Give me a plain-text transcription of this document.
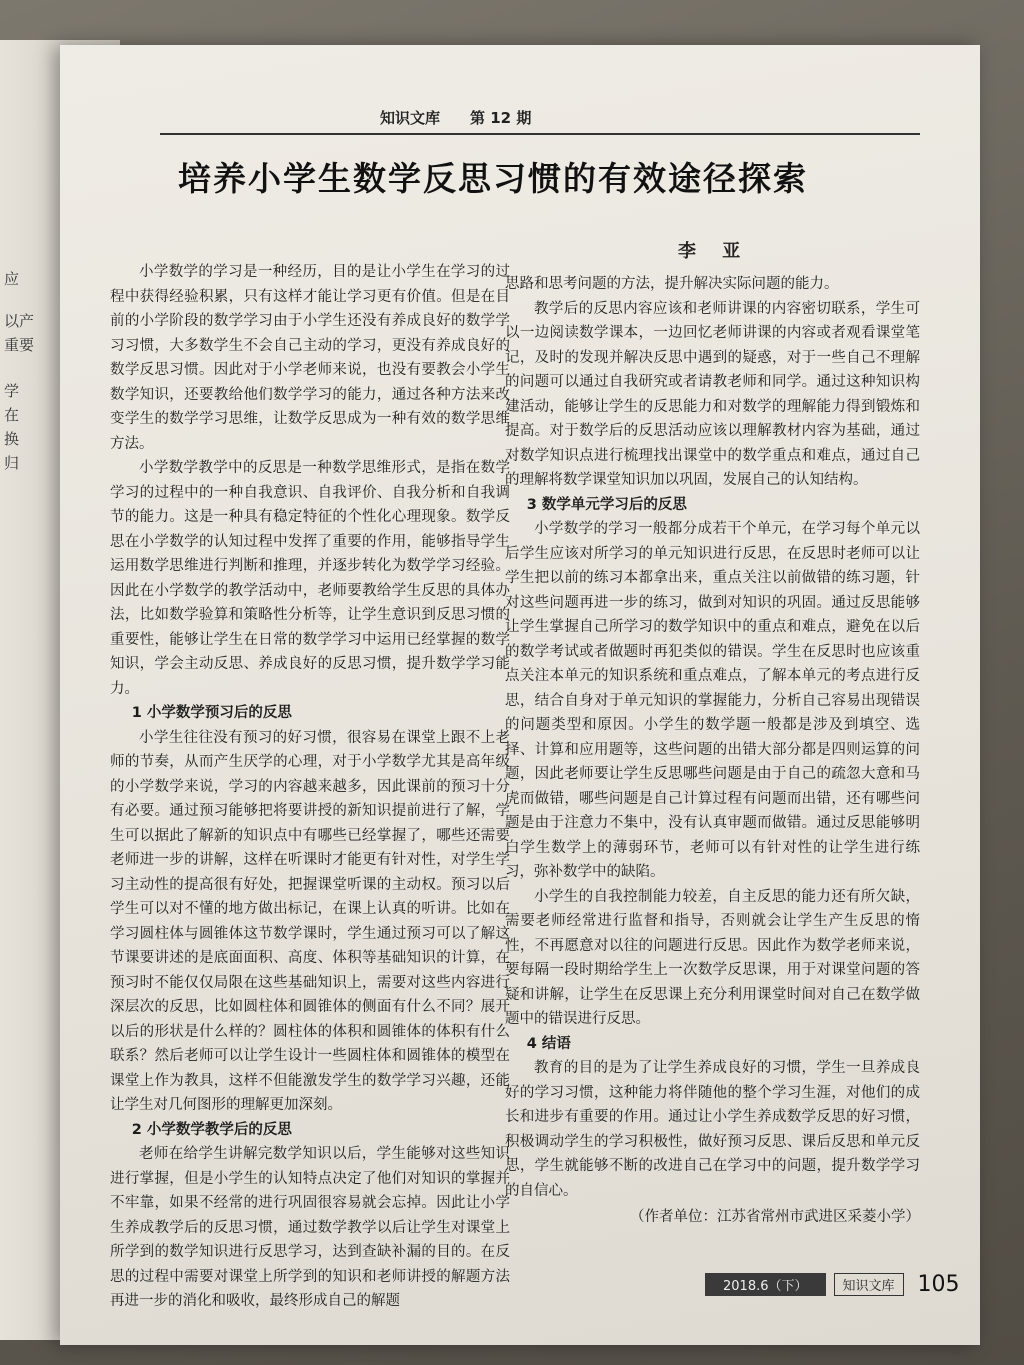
应
以产
重要
学
在
换
归
知识文库 第 12 期
培养小学生数学反思习惯的有效途径探索
李 亚

小学数学的学习是一种经历，目的是让小学生在学习的过程中获得经验积累，只有这样才能让学习更有价值。但是在目前的小学阶段的数学学习由于小学生还没有养成良好的数学学习习惯，大多数学生不会自己主动的学习，更没有养成良好的数学反思习惯。因此对于小学老师来说，也没有要教会小学生数学知识，还要教给他们数学学习的能力，通过各种方法来改变学生的数学学习思维，让数学反思成为一种有效的数学思维方法。

小学数学教学中的反思是一种数学思维形式，是指在数学学习的过程中的一种自我意识、自我评价、自我分析和自我调节的能力。这是一种具有稳定特征的个性化心理现象。数学反思在小学数学的认知过程中发挥了重要的作用，能够指导学生运用数学思维进行判断和推理，并逐步转化为数学学习经验。因此在小学数学的教学活动中，老师要教给学生反思的具体办法，比如数学验算和策略性分析等，让学生意识到反思习惯的重要性，能够让学生在日常的数学学习中运用已经掌握的数学知识，学会主动反思、养成良好的反思习惯，提升数学学习能力。

1 小学数学预习后的反思

小学生往往没有预习的好习惯，很容易在课堂上跟不上老师的节奏，从而产生厌学的心理，对于小学数学尤其是高年级的小学数学来说，学习的内容越来越多，因此课前的预习十分有必要。通过预习能够把将要讲授的新知识提前进行了解，学生可以据此了解新的知识点中有哪些已经掌握了，哪些还需要老师进一步的讲解，这样在听课时才能更有针对性，对学生学习主动性的提高很有好处，把握课堂听课的主动权。预习以后学生可以对不懂的地方做出标记，在课上认真的听讲。比如在学习圆柱体与圆锥体这节数学课时，学生通过预习可以了解这节课要讲述的是底面面积、高度、体积等基础知识的计算，在预习时不能仅仅局限在这些基础知识上，需要对这些内容进行深层次的反思，比如圆柱体和圆锥体的侧面有什么不同？展开以后的形状是什么样的？圆柱体的体积和圆锥体的体积有什么联系？然后老师可以让学生设计一些圆柱体和圆锥体的模型在课堂上作为教具，这样不但能激发学生的数学学习兴趣，还能让学生对几何图形的理解更加深刻。

2 小学数学教学后的反思

老师在给学生讲解完数学知识以后，学生能够对这些知识进行掌握，但是小学生的认知特点决定了他们对知识的掌握并不牢靠，如果不经常的进行巩固很容易就会忘掉。因此让小学生养成教学后的反思习惯，通过数学教学以后让学生对课堂上所学到的数学知识进行反思学习，达到查缺补漏的目的。在反思的过程中需要对课堂上所学到的知识和老师讲授的解题方法再进一步的消化和吸收，最终形成自己的解题

思路和思考问题的方法，提升解决实际问题的能力。

教学后的反思内容应该和老师讲课的内容密切联系，学生可以一边阅读数学课本，一边回忆老师讲课的内容或者观看课堂笔记，及时的发现并解决反思中遇到的疑惑，对于一些自己不理解的问题可以通过自我研究或者请教老师和同学。通过这种知识构建活动，能够让学生的反思能力和对数学的理解能力得到锻炼和提高。对于数学后的反思活动应该以理解教材内容为基础，通过对数学知识点进行梳理找出课堂中的数学重点和难点，通过自己的理解将数学课堂知识加以巩固，发展自己的认知结构。

3 数学单元学习后的反思

小学数学的学习一般都分成若干个单元，在学习每个单元以后学生应该对所学习的单元知识进行反思，在反思时老师可以让学生把以前的练习本都拿出来，重点关注以前做错的练习题，针对这些问题再进一步的练习，做到对知识的巩固。通过反思能够让学生掌握自己所学习的数学知识中的重点和难点，避免在以后的数学考试或者做题时再犯类似的错误。学生在反思时也应该重点关注本单元的知识系统和重点难点，了解本单元的考点进行反思，结合自身对于单元知识的掌握能力，分析自己容易出现错误的问题类型和原因。小学生的数学题一般都是涉及到填空、选择、计算和应用题等，这些问题的出错大部分都是四则运算的问题，因此老师要让学生反思哪些问题是由于自己的疏忽大意和马虎而做错，哪些问题是自己计算过程有问题而出错，还有哪些问题是由于注意力不集中，没有认真审题而做错。通过反思能够明白学生数学上的薄弱环节，老师可以有针对性的让学生进行练习，弥补数学中的缺陷。

小学生的自我控制能力较差，自主反思的能力还有所欠缺，需要老师经常进行监督和指导，否则就会让学生产生反思的惰性，不再愿意对以往的问题进行反思。因此作为数学老师来说，要每隔一段时期给学生上一次数学反思课，用于对课堂问题的答疑和讲解，让学生在反思课上充分利用课堂时间对自己在数学做题中的错误进行反思。

4 结语

教育的目的是为了让学生养成良好的习惯，学生一旦养成良好的学习习惯，这种能力将伴随他的整个学习生涯，对他们的成长和进步有重要的作用。通过让小学生养成数学反思的好习惯，积极调动学生的学习积极性，做好预习反思、课后反思和单元反思，学生就能够不断的改进自己在学习中的问题，提升数学学习的自信心。

（作者单位：江苏省常州市武进区采菱小学）

2018.6（下）	知识文库	105
